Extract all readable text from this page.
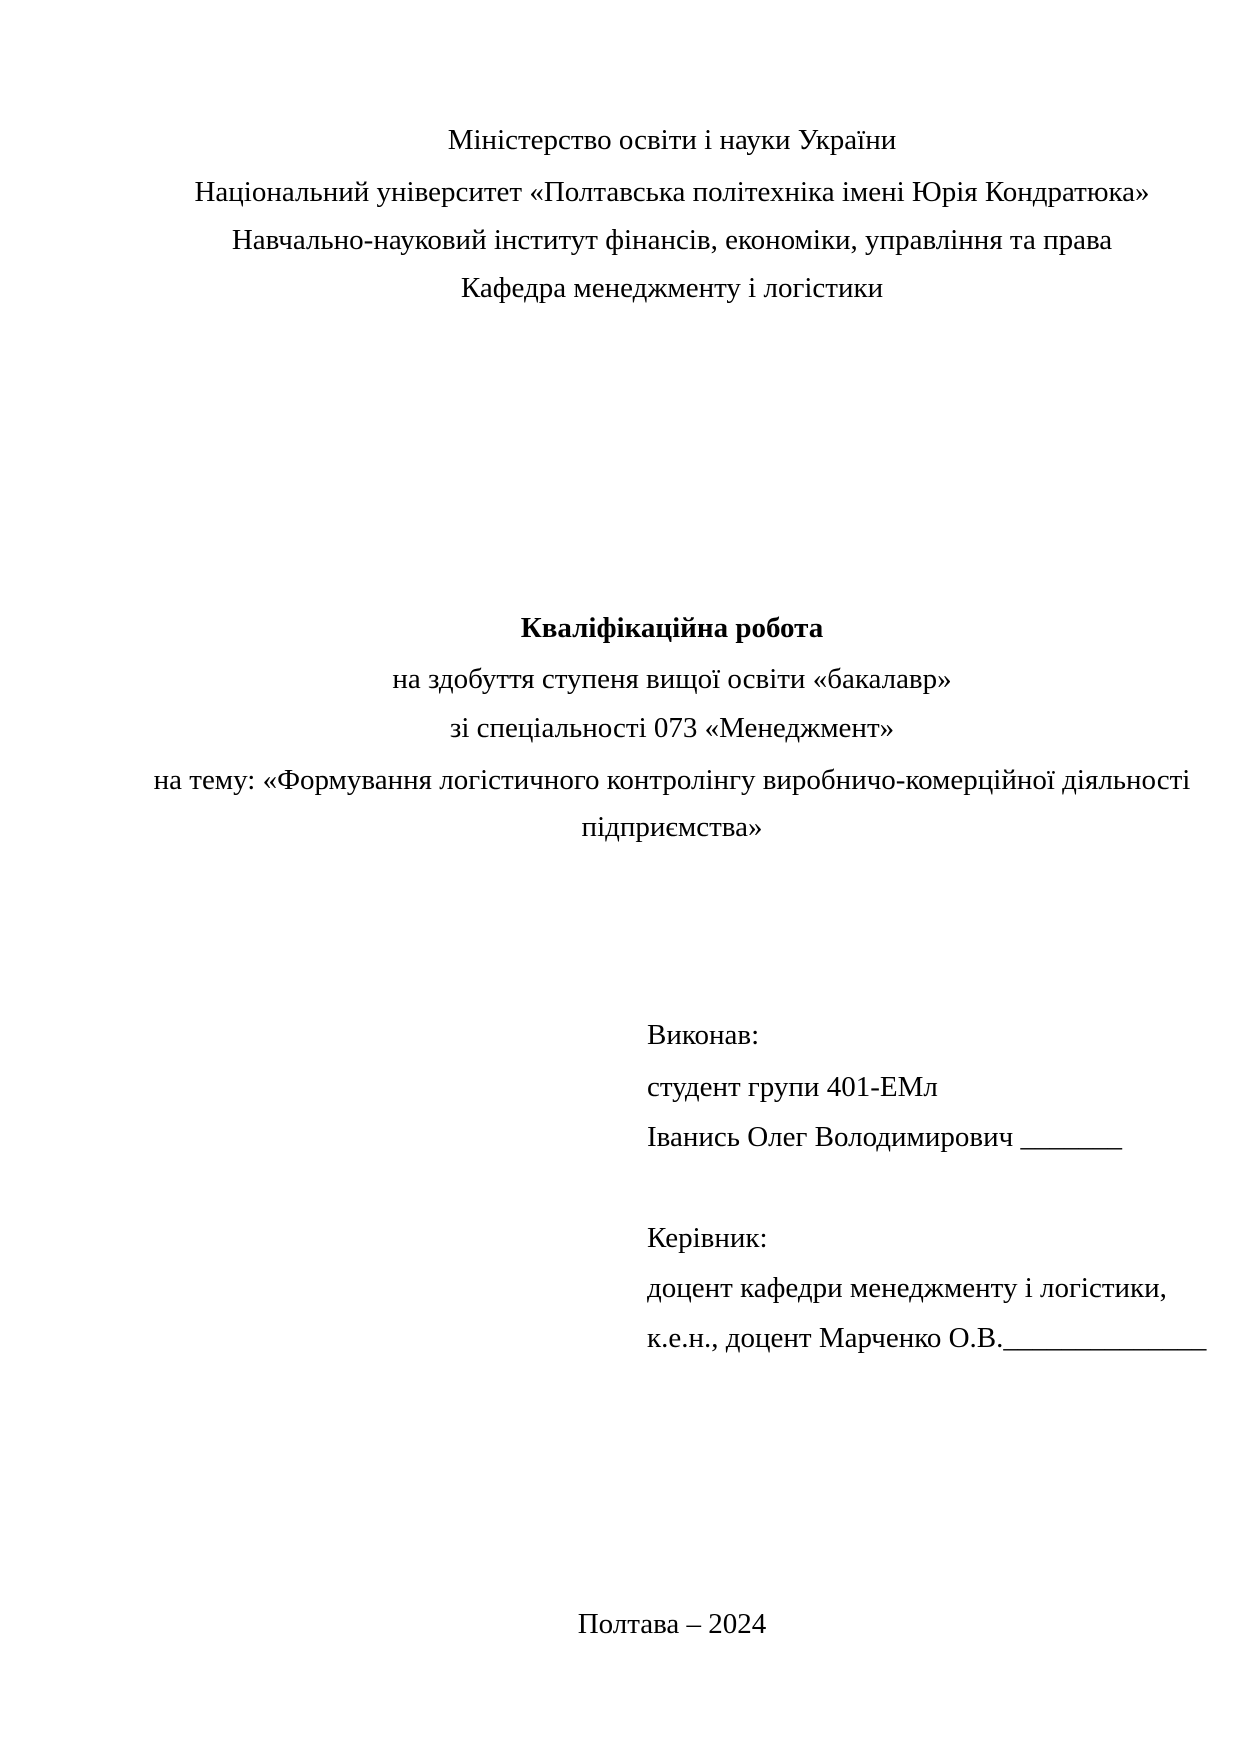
Міністерство освіти і науки України
Національний університет «Полтавська політехніка імені Юрія Кондратюка»
Навчально-науковий інститут фінансів, економіки, управління та права
Кафедра менеджменту і логістики
Кваліфікаційна робота
на здобуття ступеня вищої освіти «бакалавр»
зі спеціальності 073 «Менеджмент»
на тему: «Формування логістичного контролінгу виробничо-комерційної діяльності
підприємства»
Виконав:
студент групи 401-ЕМл
Іванись Олег Володимирович _______
Керівник:
доцент кафедри менеджменту і логістики,
к.е.н., доцент Марченко О.В.______________
Полтава – 2024
